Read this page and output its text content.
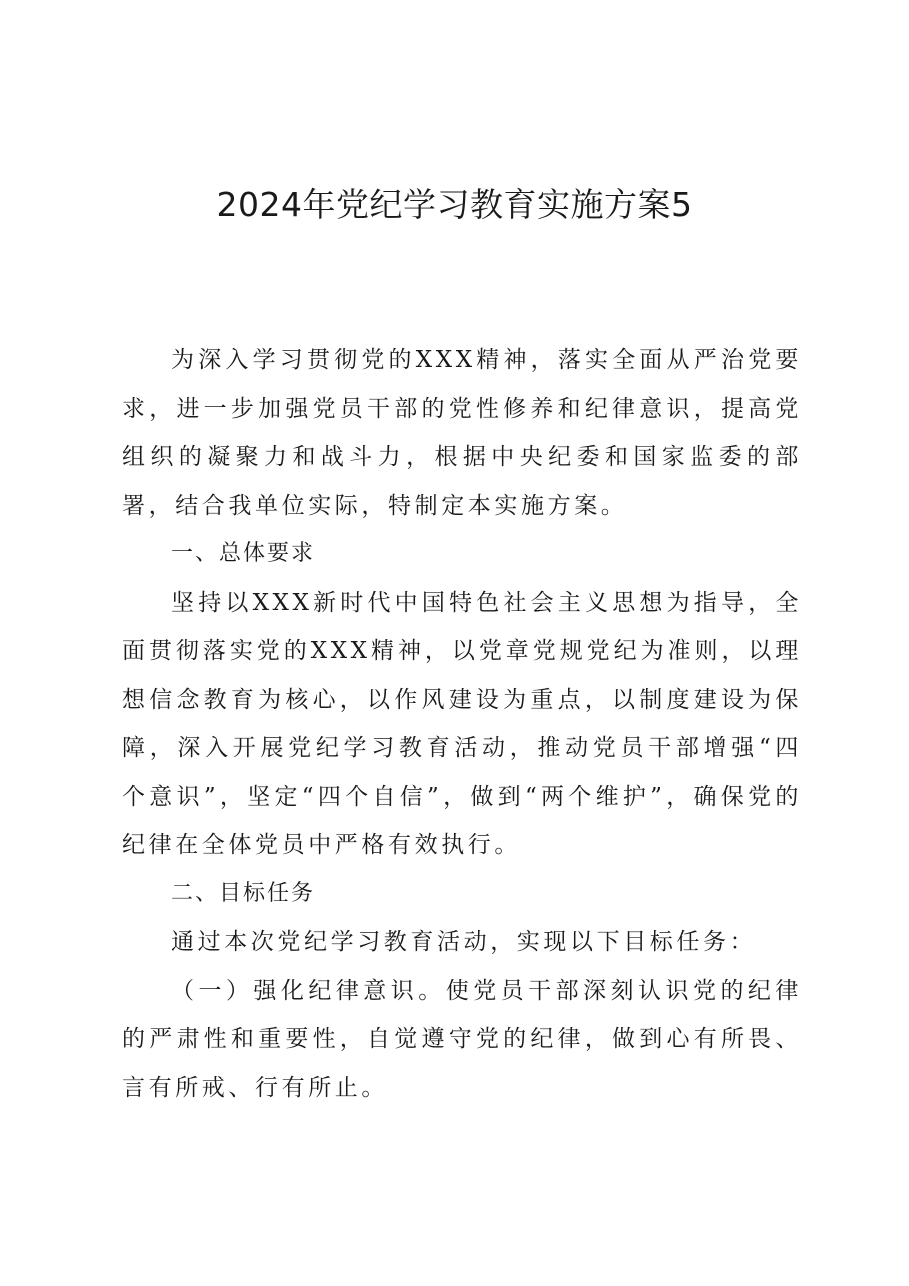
2024年党纪学习教育实施方案5

为深入学习贯彻党的XXX精神，落实全面从严治党要求，进一步加强党员干部的党性修养和纪律意识，提高党组织的凝聚力和战斗力，根据中央纪委和国家监委的部署，结合我单位实际，特制定本实施方案。

一、总体要求

坚持以XXX新时代中国特色社会主义思想为指导，全面贯彻落实党的XXX精神，以党章党规党纪为准则，以理想信念教育为核心，以作风建设为重点，以制度建设为保障，深入开展党纪学习教育活动，推动党员干部增强“四个意识”，坚定“四个自信”，做到“两个维护”，确保党的纪律在全体党员中严格有效执行。

二、目标任务

通过本次党纪学习教育活动，实现以下目标任务：

（一）强化纪律意识。使党员干部深刻认识党的纪律的严肃性和重要性，自觉遵守党的纪律，做到心有所畏、言有所戒、行有所止。
